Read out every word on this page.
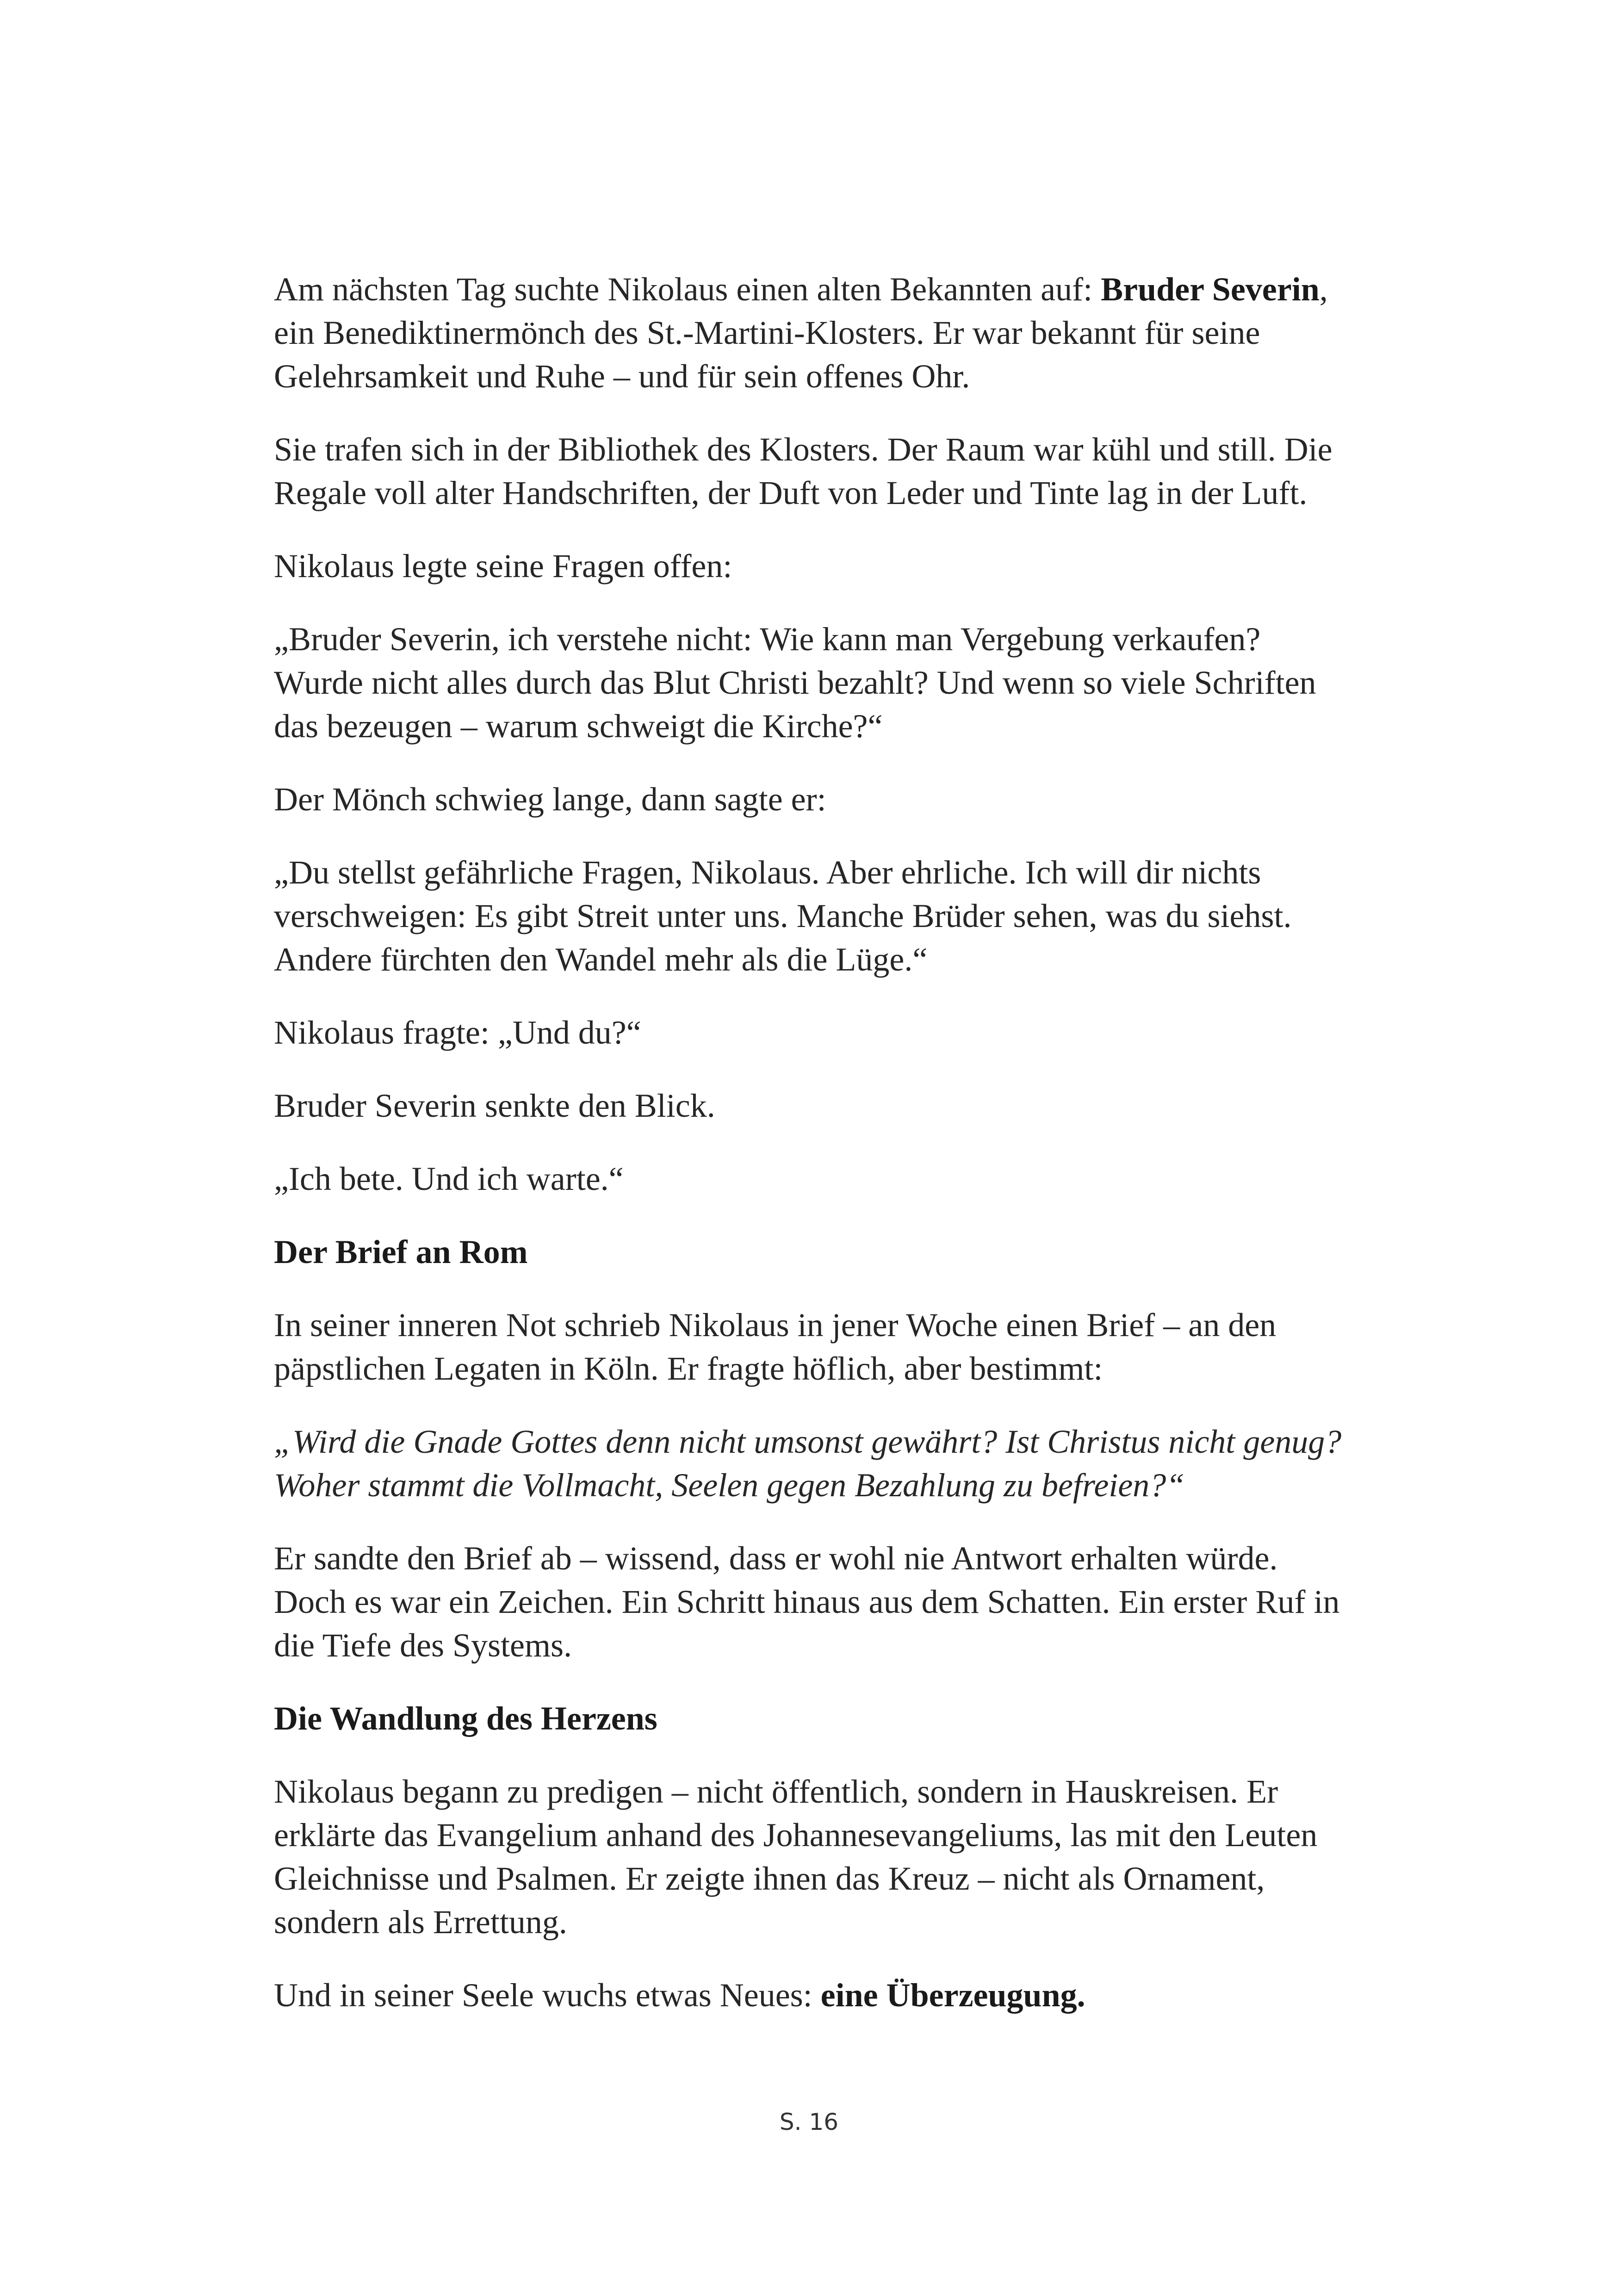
Am nächsten Tag suchte Nikolaus einen alten Bekannten auf: Bruder Severin, ein Benediktinermönch des St.-Martini-Klosters. Er war bekannt für seine Gelehrsamkeit und Ruhe – und für sein offenes Ohr.

Sie trafen sich in der Bibliothek des Klosters. Der Raum war kühl und still. Die Regale voll alter Handschriften, der Duft von Leder und Tinte lag in der Luft.

Nikolaus legte seine Fragen offen:

„Bruder Severin, ich verstehe nicht: Wie kann man Vergebung verkaufen? Wurde nicht alles durch das Blut Christi bezahlt? Und wenn so viele Schriften das bezeugen – warum schweigt die Kirche?“

Der Mönch schwieg lange, dann sagte er:

„Du stellst gefährliche Fragen, Nikolaus. Aber ehrliche. Ich will dir nichts verschweigen: Es gibt Streit unter uns. Manche Brüder sehen, was du siehst. Andere fürchten den Wandel mehr als die Lüge.“

Nikolaus fragte: „Und du?“

Bruder Severin senkte den Blick.

„Ich bete. Und ich warte.“

Der Brief an Rom

In seiner inneren Not schrieb Nikolaus in jener Woche einen Brief – an den päpstlichen Legaten in Köln. Er fragte höflich, aber bestimmt:

„Wird die Gnade Gottes denn nicht umsonst gewährt? Ist Christus nicht genug? Woher stammt die Vollmacht, Seelen gegen Bezahlung zu befreien?“

Er sandte den Brief ab – wissend, dass er wohl nie Antwort erhalten würde. Doch es war ein Zeichen. Ein Schritt hinaus aus dem Schatten. Ein erster Ruf in die Tiefe des Systems.

Die Wandlung des Herzens

Nikolaus begann zu predigen – nicht öffentlich, sondern in Hauskreisen. Er erklärte das Evangelium anhand des Johannesevangeliums, las mit den Leuten Gleichnisse und Psalmen. Er zeigte ihnen das Kreuz – nicht als Ornament, sondern als Errettung.

Und in seiner Seele wuchs etwas Neues: eine Überzeugung.

S. 16
